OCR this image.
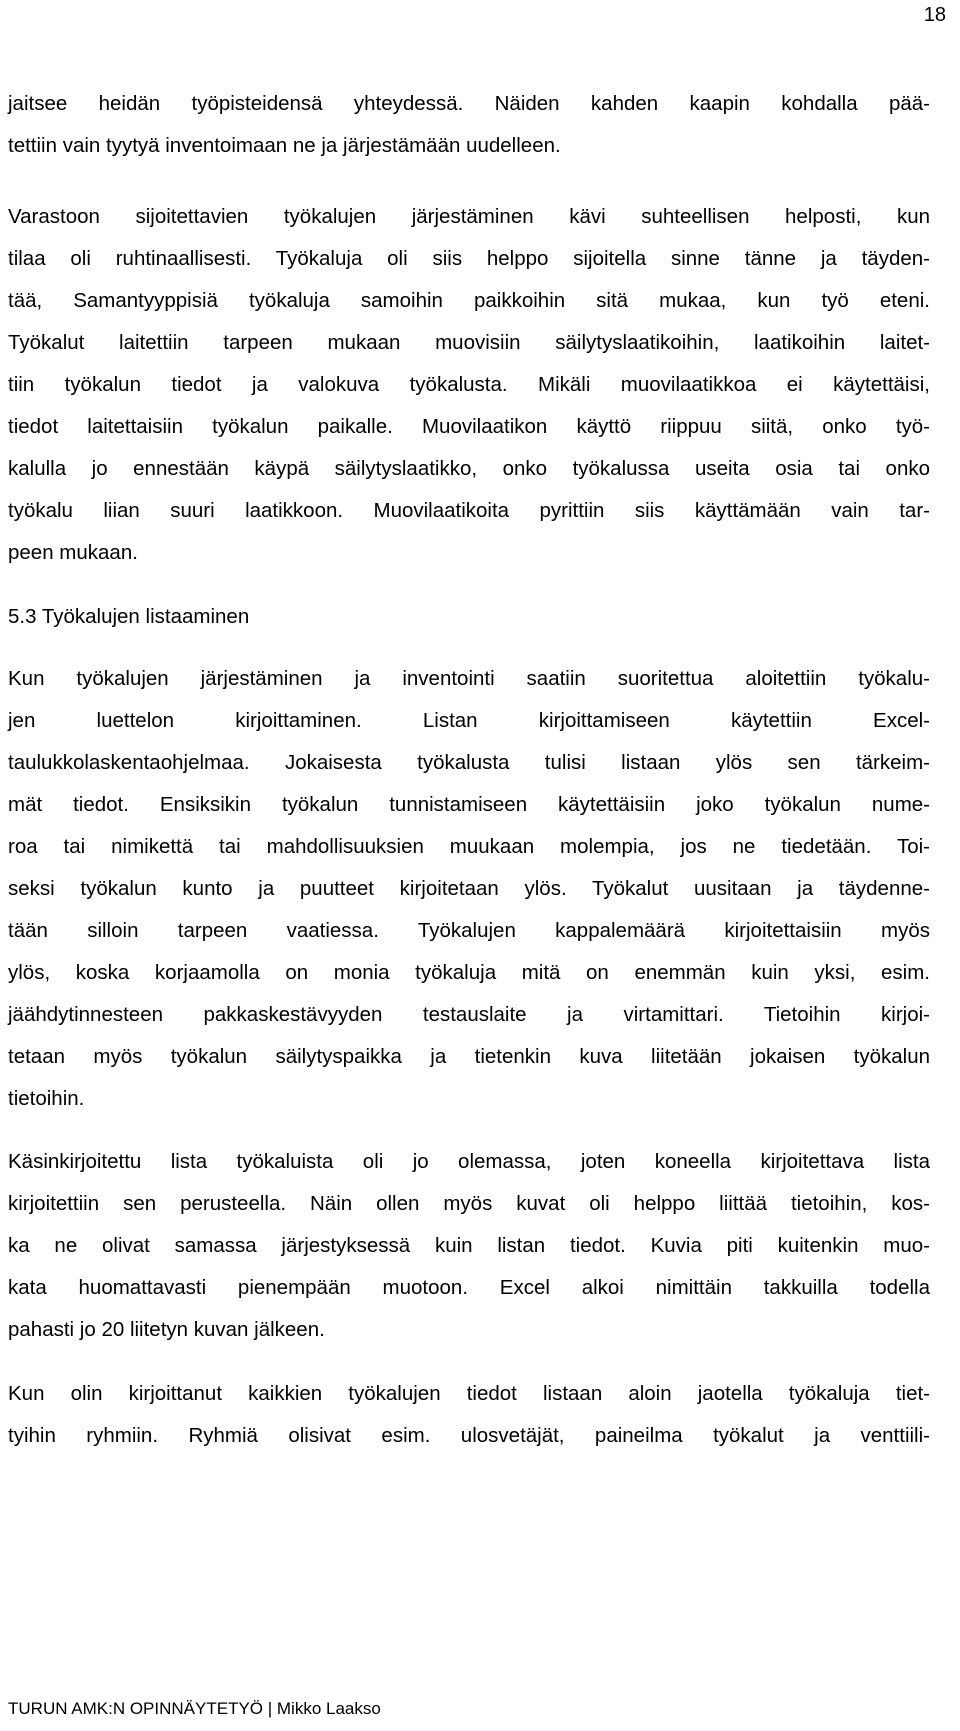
18
jaitsee heidän työpisteidensä yhteydessä. Näiden kahden kaapin kohdalla pää-
tettiin vain tyytyä inventoimaan ne ja järjestämään uudelleen.
Varastoon sijoitettavien työkalujen järjestäminen kävi suhteellisen helposti, kun
tilaa oli ruhtinaallisesti. Työkaluja oli siis helppo sijoitella sinne tänne ja täyden-
tää, Samantyyppisiä työkaluja samoihin paikkoihin sitä mukaa, kun työ eteni.
Työkalut laitettiin tarpeen mukaan muovisiin säilytyslaatikoihin, laatikoihin laitet-
tiin työkalun tiedot ja valokuva työkalusta. Mikäli muovilaatikkoa ei käytettäisi,
tiedot laitettaisiin työkalun paikalle. Muovilaatikon käyttö riippuu siitä, onko työ-
kalulla jo ennestään käypä säilytyslaatikko, onko työkalussa useita osia tai onko
työkalu liian suuri laatikkoon. Muovilaatikoita pyrittiin siis käyttämään vain tar-
peen mukaan.
5.3 Työkalujen listaaminen
Kun työkalujen järjestäminen ja inventointi saatiin suoritettua aloitettiin työkalu-
jen luettelon kirjoittaminen. Listan kirjoittamiseen käytettiin Excel-
taulukkolaskentaohjelmaa. Jokaisesta työkalusta tulisi listaan ylös sen tärkeim-
mät tiedot. Ensiksikin työkalun tunnistamiseen käytettäisiin joko työkalun nume-
roa tai nimikettä tai mahdollisuuksien muukaan molempia, jos ne tiedetään. Toi-
seksi työkalun kunto ja puutteet kirjoitetaan ylös. Työkalut uusitaan ja täydenne-
tään silloin tarpeen vaatiessa. Työkalujen kappalemäärä kirjoitettaisiin myös
ylös, koska korjaamolla on monia työkaluja mitä on enemmän kuin yksi, esim.
jäähdytinnesteen pakkaskestävyyden testauslaite ja virtamittari. Tietoihin kirjoi-
tetaan myös työkalun säilytyspaikka ja tietenkin kuva liitetään jokaisen työkalun
tietoihin.
Käsinkirjoitettu lista työkaluista oli jo olemassa, joten koneella kirjoitettava lista
kirjoitettiin sen perusteella. Näin ollen myös kuvat oli helppo liittää tietoihin, kos-
ka ne olivat samassa järjestyksessä kuin listan tiedot. Kuvia piti kuitenkin muo-
kata huomattavasti pienempään muotoon. Excel alkoi nimittäin takkuilla todella
pahasti jo 20 liitetyn kuvan jälkeen.
Kun olin kirjoittanut kaikkien työkalujen tiedot listaan aloin jaotella työkaluja tiet-
tyihin ryhmiin. Ryhmiä olisivat esim. ulosvetäjät, paineilma työkalut ja venttiili-
TURUN AMK:N OPINNÄYTETYÖ | Mikko Laakso
